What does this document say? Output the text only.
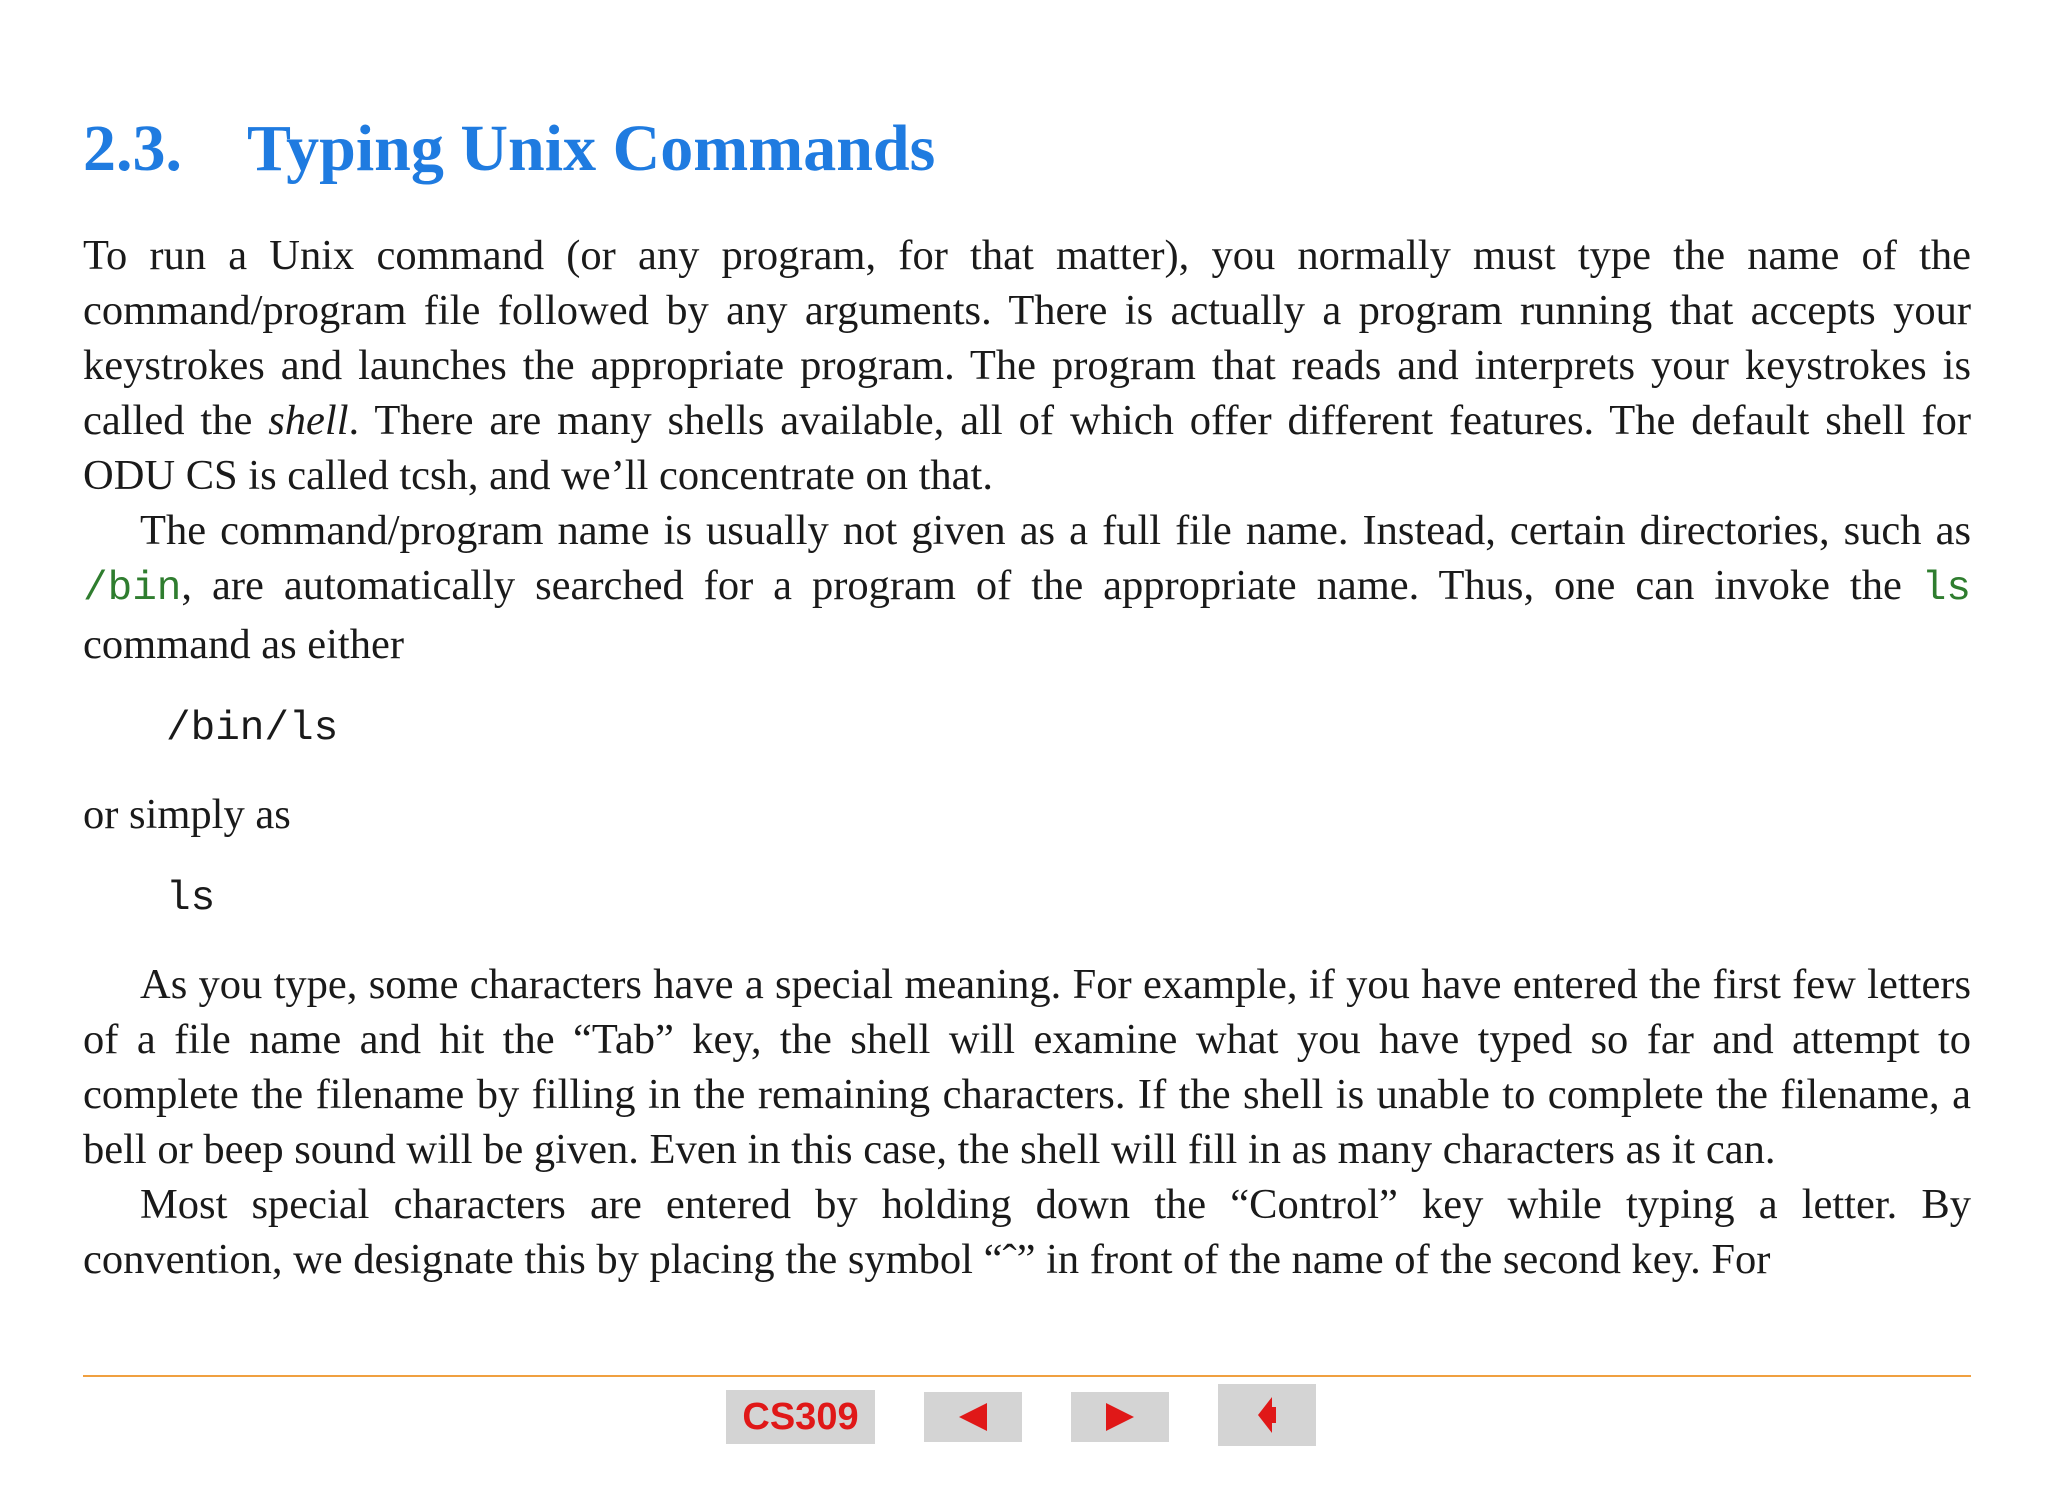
2.3. Typing Unix Commands

To run a Unix command (or any program, for that matter), you normally must type the name of the command/program file followed by any arguments. There is actually a program running that accepts your keystrokes and launches the appropriate program. The program that reads and interprets your keystrokes is called the shell. There are many shells available, all of which offer different features. The default shell for ODU CS is called tcsh, and we’ll concentrate on that.

The command/program name is usually not given as a full file name. Instead, certain directories, such as /bin, are automatically searched for a program of the appropriate name. Thus, one can invoke the ls command as either

/bin/ls

or simply as

ls

As you type, some characters have a special meaning. For example, if you have entered the first few letters of a file name and hit the “Tab” key, the shell will examine what you have typed so far and attempt to complete the filename by filling in the remaining characters. If the shell is unable to complete the filename, a bell or beep sound will be given. Even in this case, the shell will fill in as many characters as it can.

Most special characters are entered by holding down the “Control” key while typing a letter. By convention, we designate this by placing the symbol “ˆ” in front of the name of the second key. For

CS309
